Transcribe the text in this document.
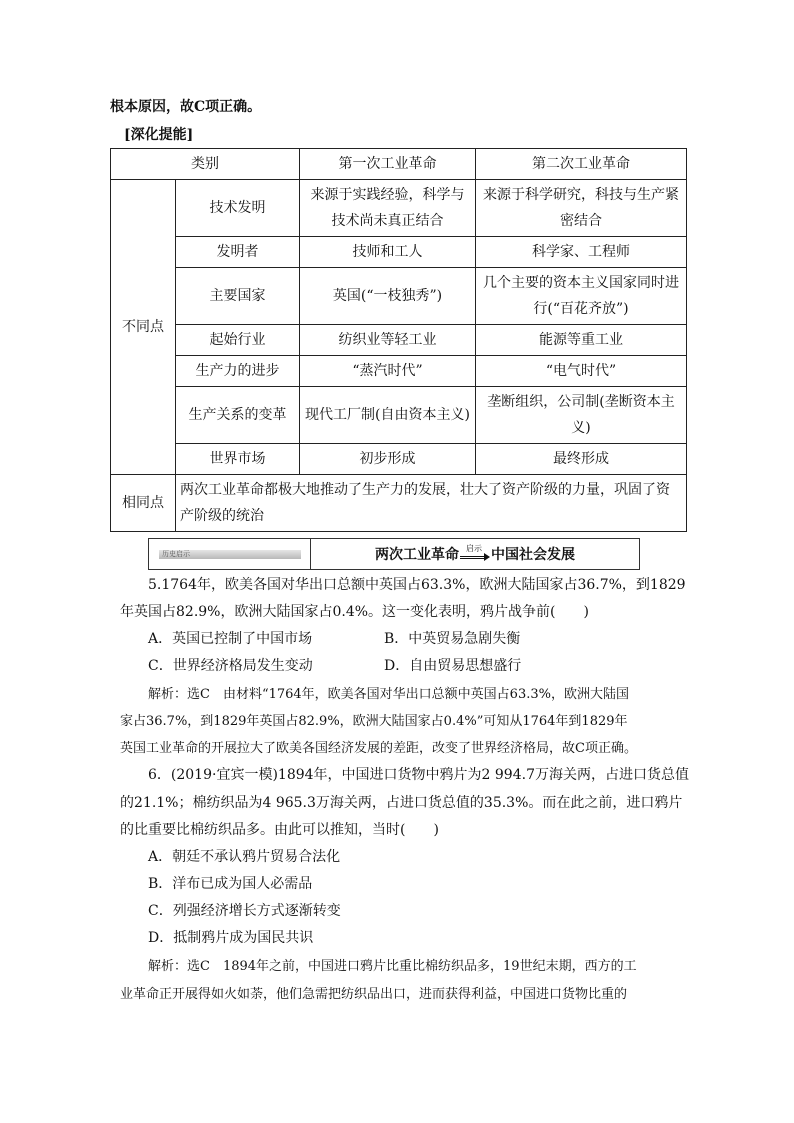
根本原因，故C项正确。
[深化提能]
类别		第一次工业革命	第二次工业革命
不同点	技术发明	来源于实践经验，科学与技术尚未真正结合	来源于科学研究，科技与生产紧密结合
	发明者	技师和工人	科学家、工程师
	主要国家	英国(“一枝独秀”)	几个主要的资本主义国家同时进行(“百花齐放”)
	起始行业	纺织业等轻工业	能源等重工业
	生产力的进步	“蒸汽时代”	“电气时代”
	生产关系的变革	现代工厂制(自由资本主义)	垄断组织，公司制(垄断资本主义)
	世界市场	初步形成	最终形成
相同点	两次工业革命都极大地推动了生产力的发展，壮大了资产阶级的力量，巩固了资产阶级的统治		
历史启示	两次工业革命 启示 中国社会发展
5.1764年，欧美各国对华出口总额中英国占63.3%，欧洲大陆国家占36.7%，到1829
年英国占82.9%，欧洲大陆国家占0.4%。这一变化表明，鸦片战争前(　　)
A．英国已控制了中国市场	B．中英贸易急剧失衡
C．世界经济格局发生变动	D．自由贸易思想盛行
解析：选C　由材料“1764年，欧美各国对华出口总额中英国占63.3%，欧洲大陆国
家占36.7%，到1829年英国占82.9%，欧洲大陆国家占0.4%”可知从1764年到1829年
英国工业革命的开展拉大了欧美各国经济发展的差距，改变了世界经济格局，故C项正确。
6．(2019·宜宾一模)1894年，中国进口货物中鸦片为2 994.7万海关两，占进口货总值
的21.1%；棉纺织品为4 965.3万海关两，占进口货总值的35.3%。而在此之前，进口鸦片
的比重要比棉纺织品多。由此可以推知，当时(　　)
A．朝廷不承认鸦片贸易合法化
B．洋布已成为国人必需品
C．列强经济增长方式逐渐转变
D．抵制鸦片成为国民共识
解析：选C　1894年之前，中国进口鸦片比重比棉纺织品多，19世纪末期，西方的工
业革命正开展得如火如荼，他们急需把纺织品出口，进而获得利益，中国进口货物比重的
